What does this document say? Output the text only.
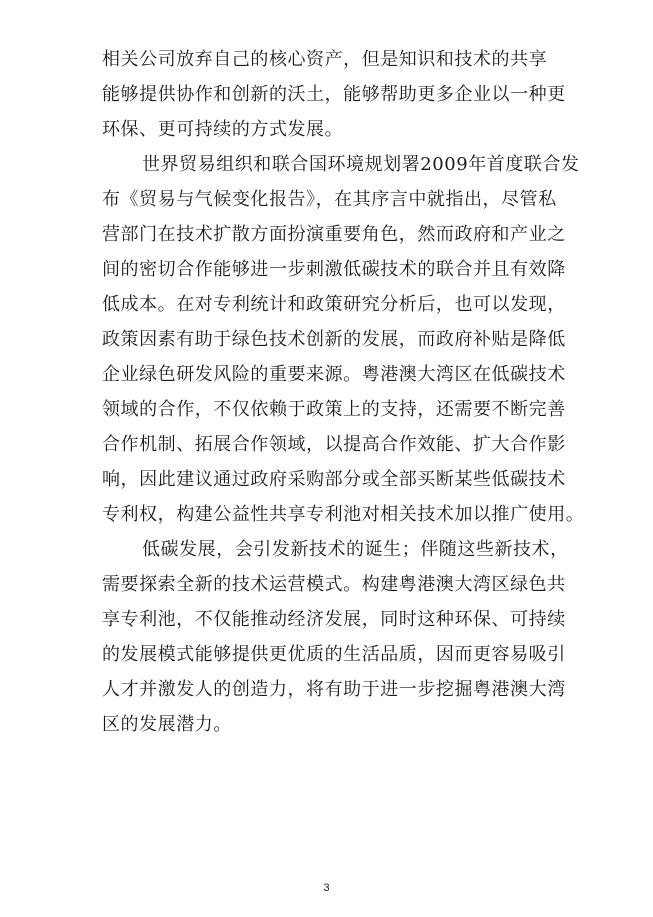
相关公司放弃自己的核心资产，但是知识和技术的共享
能够提供协作和创新的沃土，能够帮助更多企业以一种更
环保、更可持续的方式发展。
世界贸易组织和联合国环境规划署2009年首度联合发
布《贸易与气候变化报告》，在其序言中就指出，尽管私
营部门在技术扩散方面扮演重要角色，然而政府和产业之
间的密切合作能够进一步刺激低碳技术的联合并且有效降
低成本。在对专利统计和政策研究分析后，也可以发现，
政策因素有助于绿色技术创新的发展，而政府补贴是降低
企业绿色研发风险的重要来源。粤港澳大湾区在低碳技术
领域的合作，不仅依赖于政策上的支持，还需要不断完善
合作机制、拓展合作领域，以提高合作效能、扩大合作影
响，因此建议通过政府采购部分或全部买断某些低碳技术
专利权，构建公益性共享专利池对相关技术加以推广使用。
低碳发展，会引发新技术的诞生；伴随这些新技术，
需要探索全新的技术运营模式。构建粤港澳大湾区绿色共
享专利池，不仅能推动经济发展，同时这种环保、可持续
的发展模式能够提供更优质的生活品质，因而更容易吸引
人才并激发人的创造力，将有助于进一步挖掘粤港澳大湾
区的发展潜力。
3
